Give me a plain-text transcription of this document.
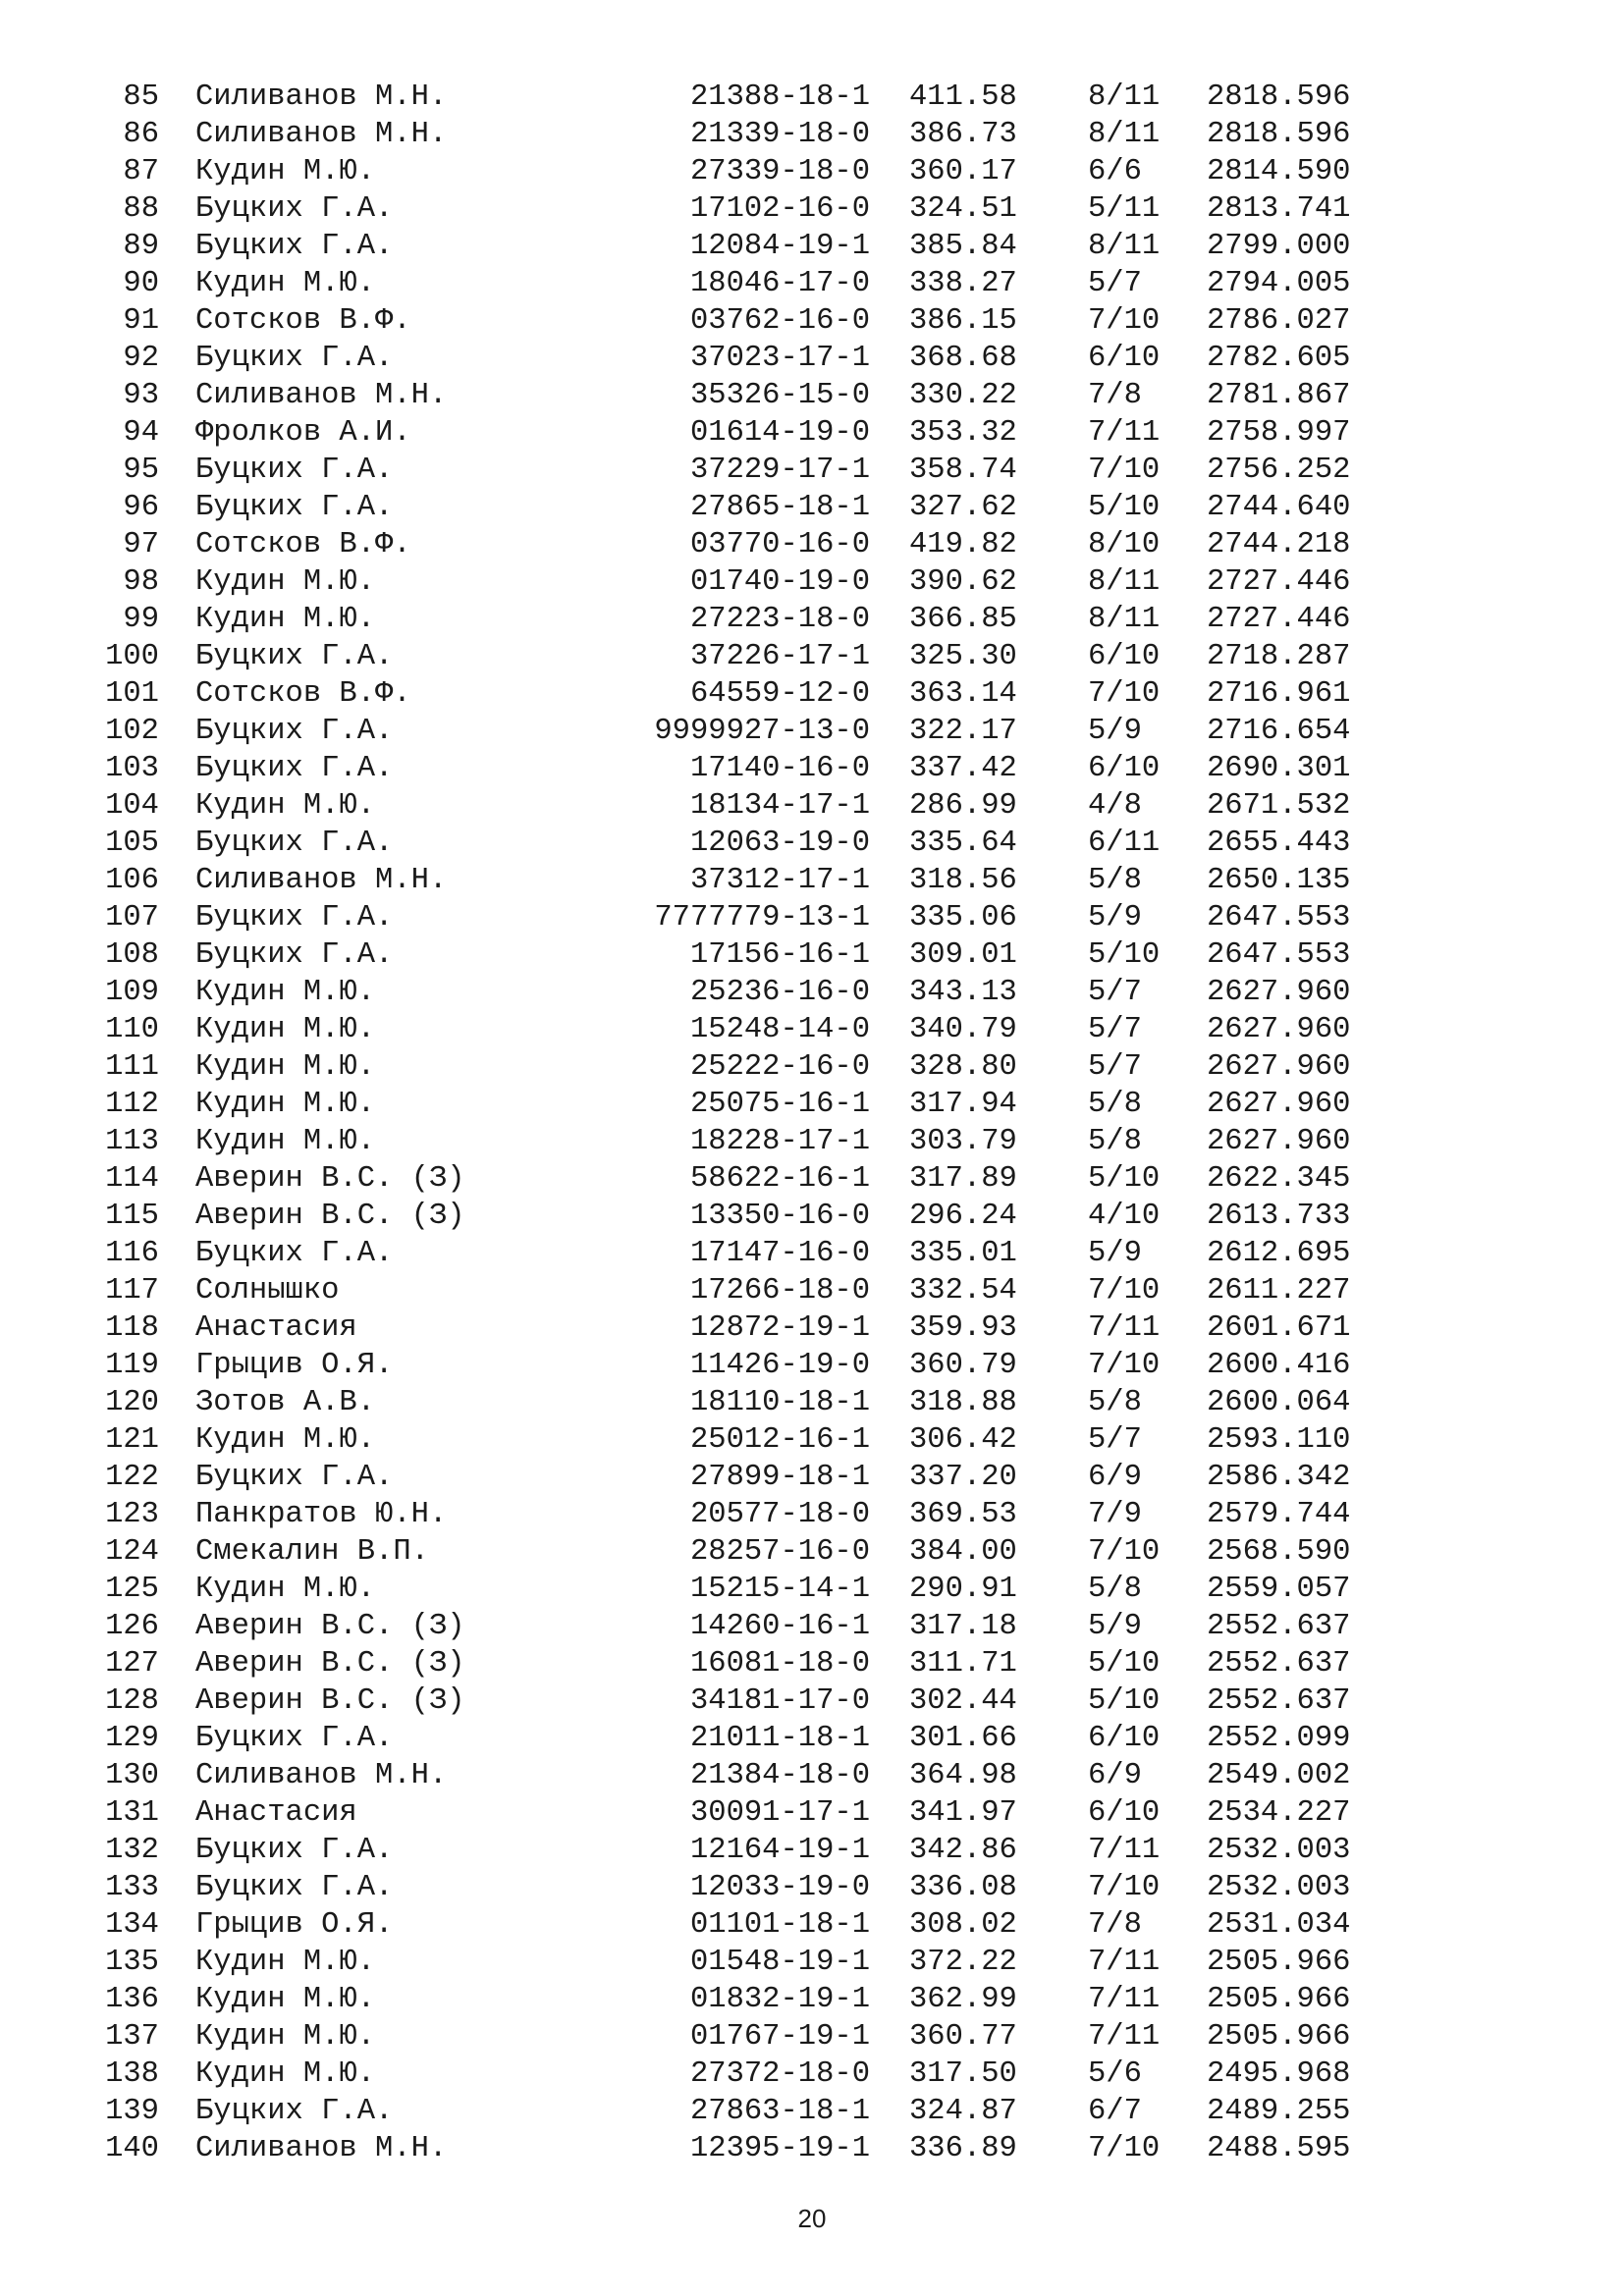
85 Силиванов М.Н.	21388-18-1 411.58 8/11 2818.596
86 Силиванов М.Н.	21339-18-0 386.73 8/11 2818.596
87 Кудин М.Ю.	27339-18-0 360.17 6/6 2814.590
88 Буцких Г.А.	17102-16-0 324.51 5/11 2813.741
89 Буцких Г.А.	12084-19-1 385.84 8/11 2799.000
90 Кудин М.Ю.	18046-17-0 338.27 5/7 2794.005
91 Сотсков В.Ф.	03762-16-0 386.15 7/10 2786.027
92 Буцких Г.А.	37023-17-1 368.68 6/10 2782.605
93 Силиванов М.Н.	35326-15-0 330.22 7/8 2781.867
94 Фролков А.И.	01614-19-0 353.32 7/11 2758.997
95 Буцких Г.А.	37229-17-1 358.74 7/10 2756.252
96 Буцких Г.А.	27865-18-1 327.62 5/10 2744.640
97 Сотсков В.Ф.	03770-16-0 419.82 8/10 2744.218
98 Кудин М.Ю.	01740-19-0 390.62 8/11 2727.446
99 Кудин М.Ю.	27223-18-0 366.85 8/11 2727.446
100 Буцких Г.А.	37226-17-1 325.30 6/10 2718.287
101 Сотсков В.Ф.	64559-12-0 363.14 7/10 2716.961
102 Буцких Г.А.	9999927-13-0 322.17 5/9 2716.654
103 Буцких Г.А.	17140-16-0 337.42 6/10 2690.301
104 Кудин М.Ю.	18134-17-1 286.99 4/8 2671.532
105 Буцких Г.А.	12063-19-0 335.64 6/11 2655.443
106 Силиванов М.Н.	37312-17-1 318.56 5/8 2650.135
107 Буцких Г.А.	7777779-13-1 335.06 5/9 2647.553
108 Буцких Г.А.	17156-16-1 309.01 5/10 2647.553
109 Кудин М.Ю.	25236-16-0 343.13 5/7 2627.960
110 Кудин М.Ю.	15248-14-0 340.79 5/7 2627.960
111 Кудин М.Ю.	25222-16-0 328.80 5/7 2627.960
112 Кудин М.Ю.	25075-16-1 317.94 5/8 2627.960
113 Кудин М.Ю.	18228-17-1 303.79 5/8 2627.960
114 Аверин В.С. (З)	58622-16-1 317.89 5/10 2622.345
115 Аверин В.С. (З)	13350-16-0 296.24 4/10 2613.733
116 Буцких Г.А.	17147-16-0 335.01 5/9 2612.695
117 Солнышко	17266-18-0 332.54 7/10 2611.227
118 Анастасия	12872-19-1 359.93 7/11 2601.671
119 Грыцив О.Я.	11426-19-0 360.79 7/10 2600.416
120 Зотов А.В.	18110-18-1 318.88 5/8 2600.064
121 Кудин М.Ю.	25012-16-1 306.42 5/7 2593.110
122 Буцких Г.А.	27899-18-1 337.20 6/9 2586.342
123 Панкратов Ю.Н.	20577-18-0 369.53 7/9 2579.744
124 Смекалин В.П.	28257-16-0 384.00 7/10 2568.590
125 Кудин М.Ю.	15215-14-1 290.91 5/8 2559.057
126 Аверин В.С. (З)	14260-16-1 317.18 5/9 2552.637
127 Аверин В.С. (З)	16081-18-0 311.71 5/10 2552.637
128 Аверин В.С. (З)	34181-17-0 302.44 5/10 2552.637
129 Буцких Г.А.	21011-18-1 301.66 6/10 2552.099
130 Силиванов М.Н.	21384-18-0 364.98 6/9 2549.002
131 Анастасия	30091-17-1 341.97 6/10 2534.227
132 Буцких Г.А.	12164-19-1 342.86 7/11 2532.003
133 Буцких Г.А.	12033-19-0 336.08 7/10 2532.003
134 Грыцив О.Я.	01101-18-1 308.02 7/8 2531.034
135 Кудин М.Ю.	01548-19-1 372.22 7/11 2505.966
136 Кудин М.Ю.	01832-19-1 362.99 7/11 2505.966
137 Кудин М.Ю.	01767-19-1 360.77 7/11 2505.966
138 Кудин М.Ю.	27372-18-0 317.50 5/6 2495.968
139 Буцких Г.А.	27863-18-1 324.87 6/7 2489.255
140 Силиванов М.Н.	12395-19-1 336.89 7/10 2488.595
20
